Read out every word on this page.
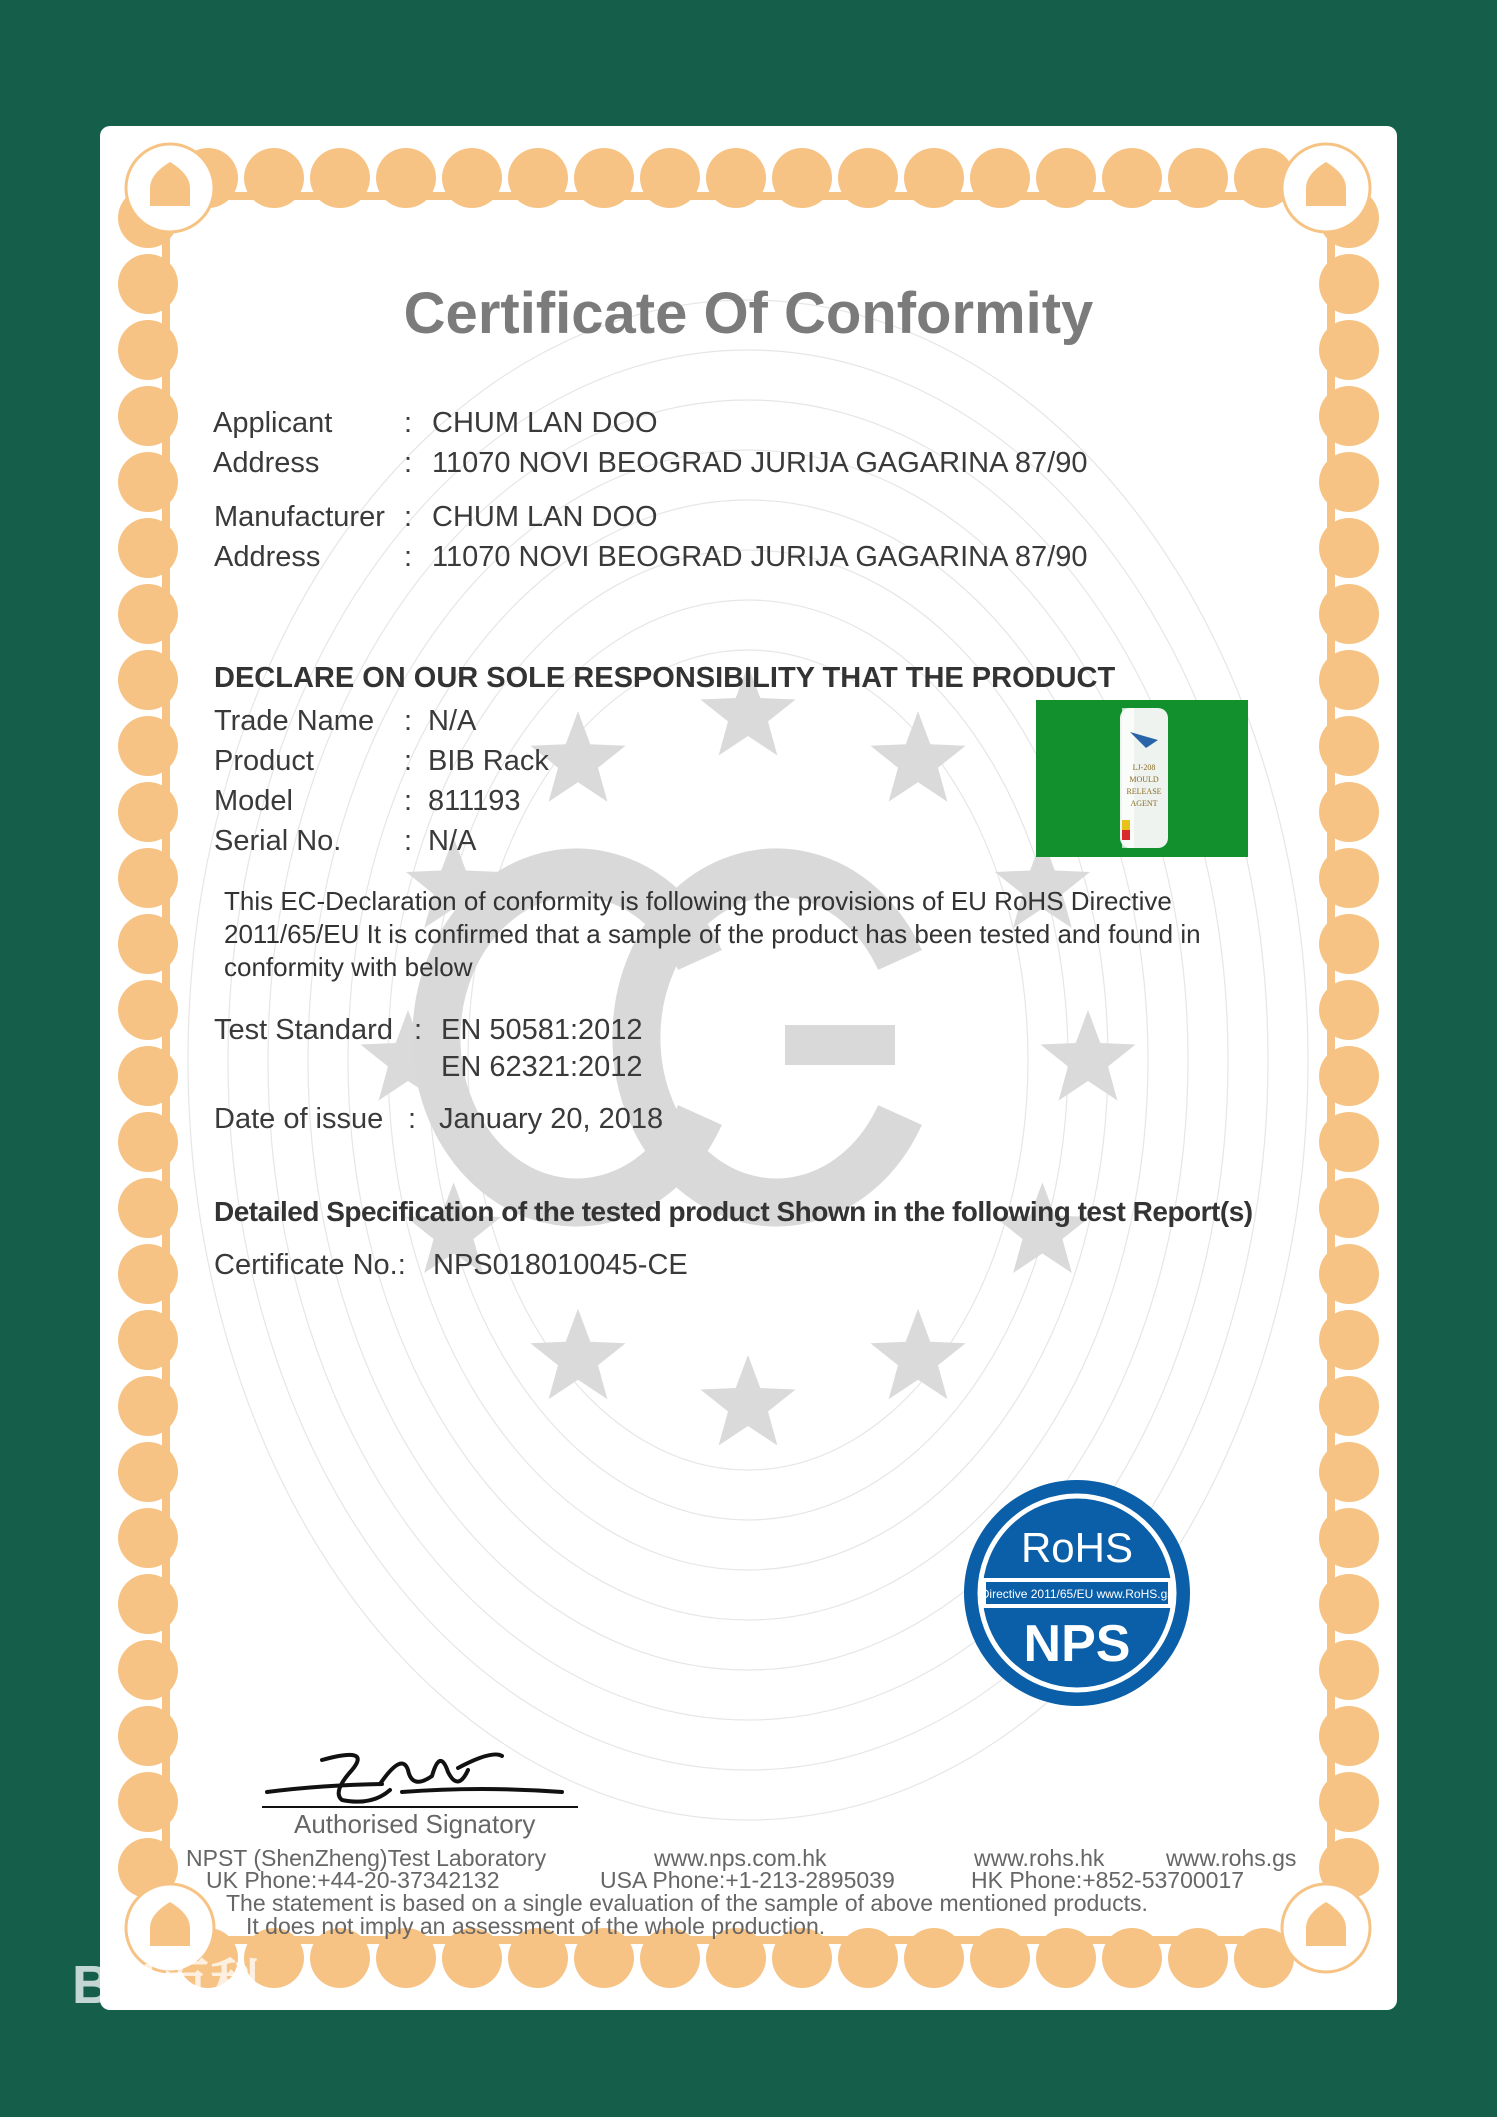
Certificate Of Conformity
Applicant : CHUM LAN DOO
Address	: 11070 NOVI BEOGRAD JURIJA GAGARINA 87/90
Manufacturer : CHUM LAN DOO
Address	: 11070 NOVI BEOGRAD JURIJA GAGARINA 87/90
DECLARE ON OUR SOLE RESPONSIBILITY THAT THE PRODUCT
Trade Name : N/A
Product	: BIB Rack
Model	: 811193
Serial No. : N/A
LJ-208
MOULD
RELEASE
AGENT
This EC-Declaration of conformity is following the provisions of EU RoHS Directive 2011/65/EU It is confirmed that a sample of the product has been tested and found in conformity with below
Test Standard : EN 50581:2012
EN 62321:2012
Date of issue : January 20, 2018
Detailed Specification of the tested product Shown in the following test Report(s)
Certificate No.: NPS018010045-CE
RoHS
Directive 2011/65/EU www.RoHS.gs
NPS
Authorised Signatory
NPST (ShenZheng)Test Laboratory	www.nps.com.hk	www.rohs.hk	www.rohs.gs
UK Phone:+44-20-37342132	USA Phone:+1-213-2895039	HK Phone:+852-53700017
The statement is based on a single evaluation of the sample of above mentioned products.
It does not imply an assessment of the whole production.
Bai百科
